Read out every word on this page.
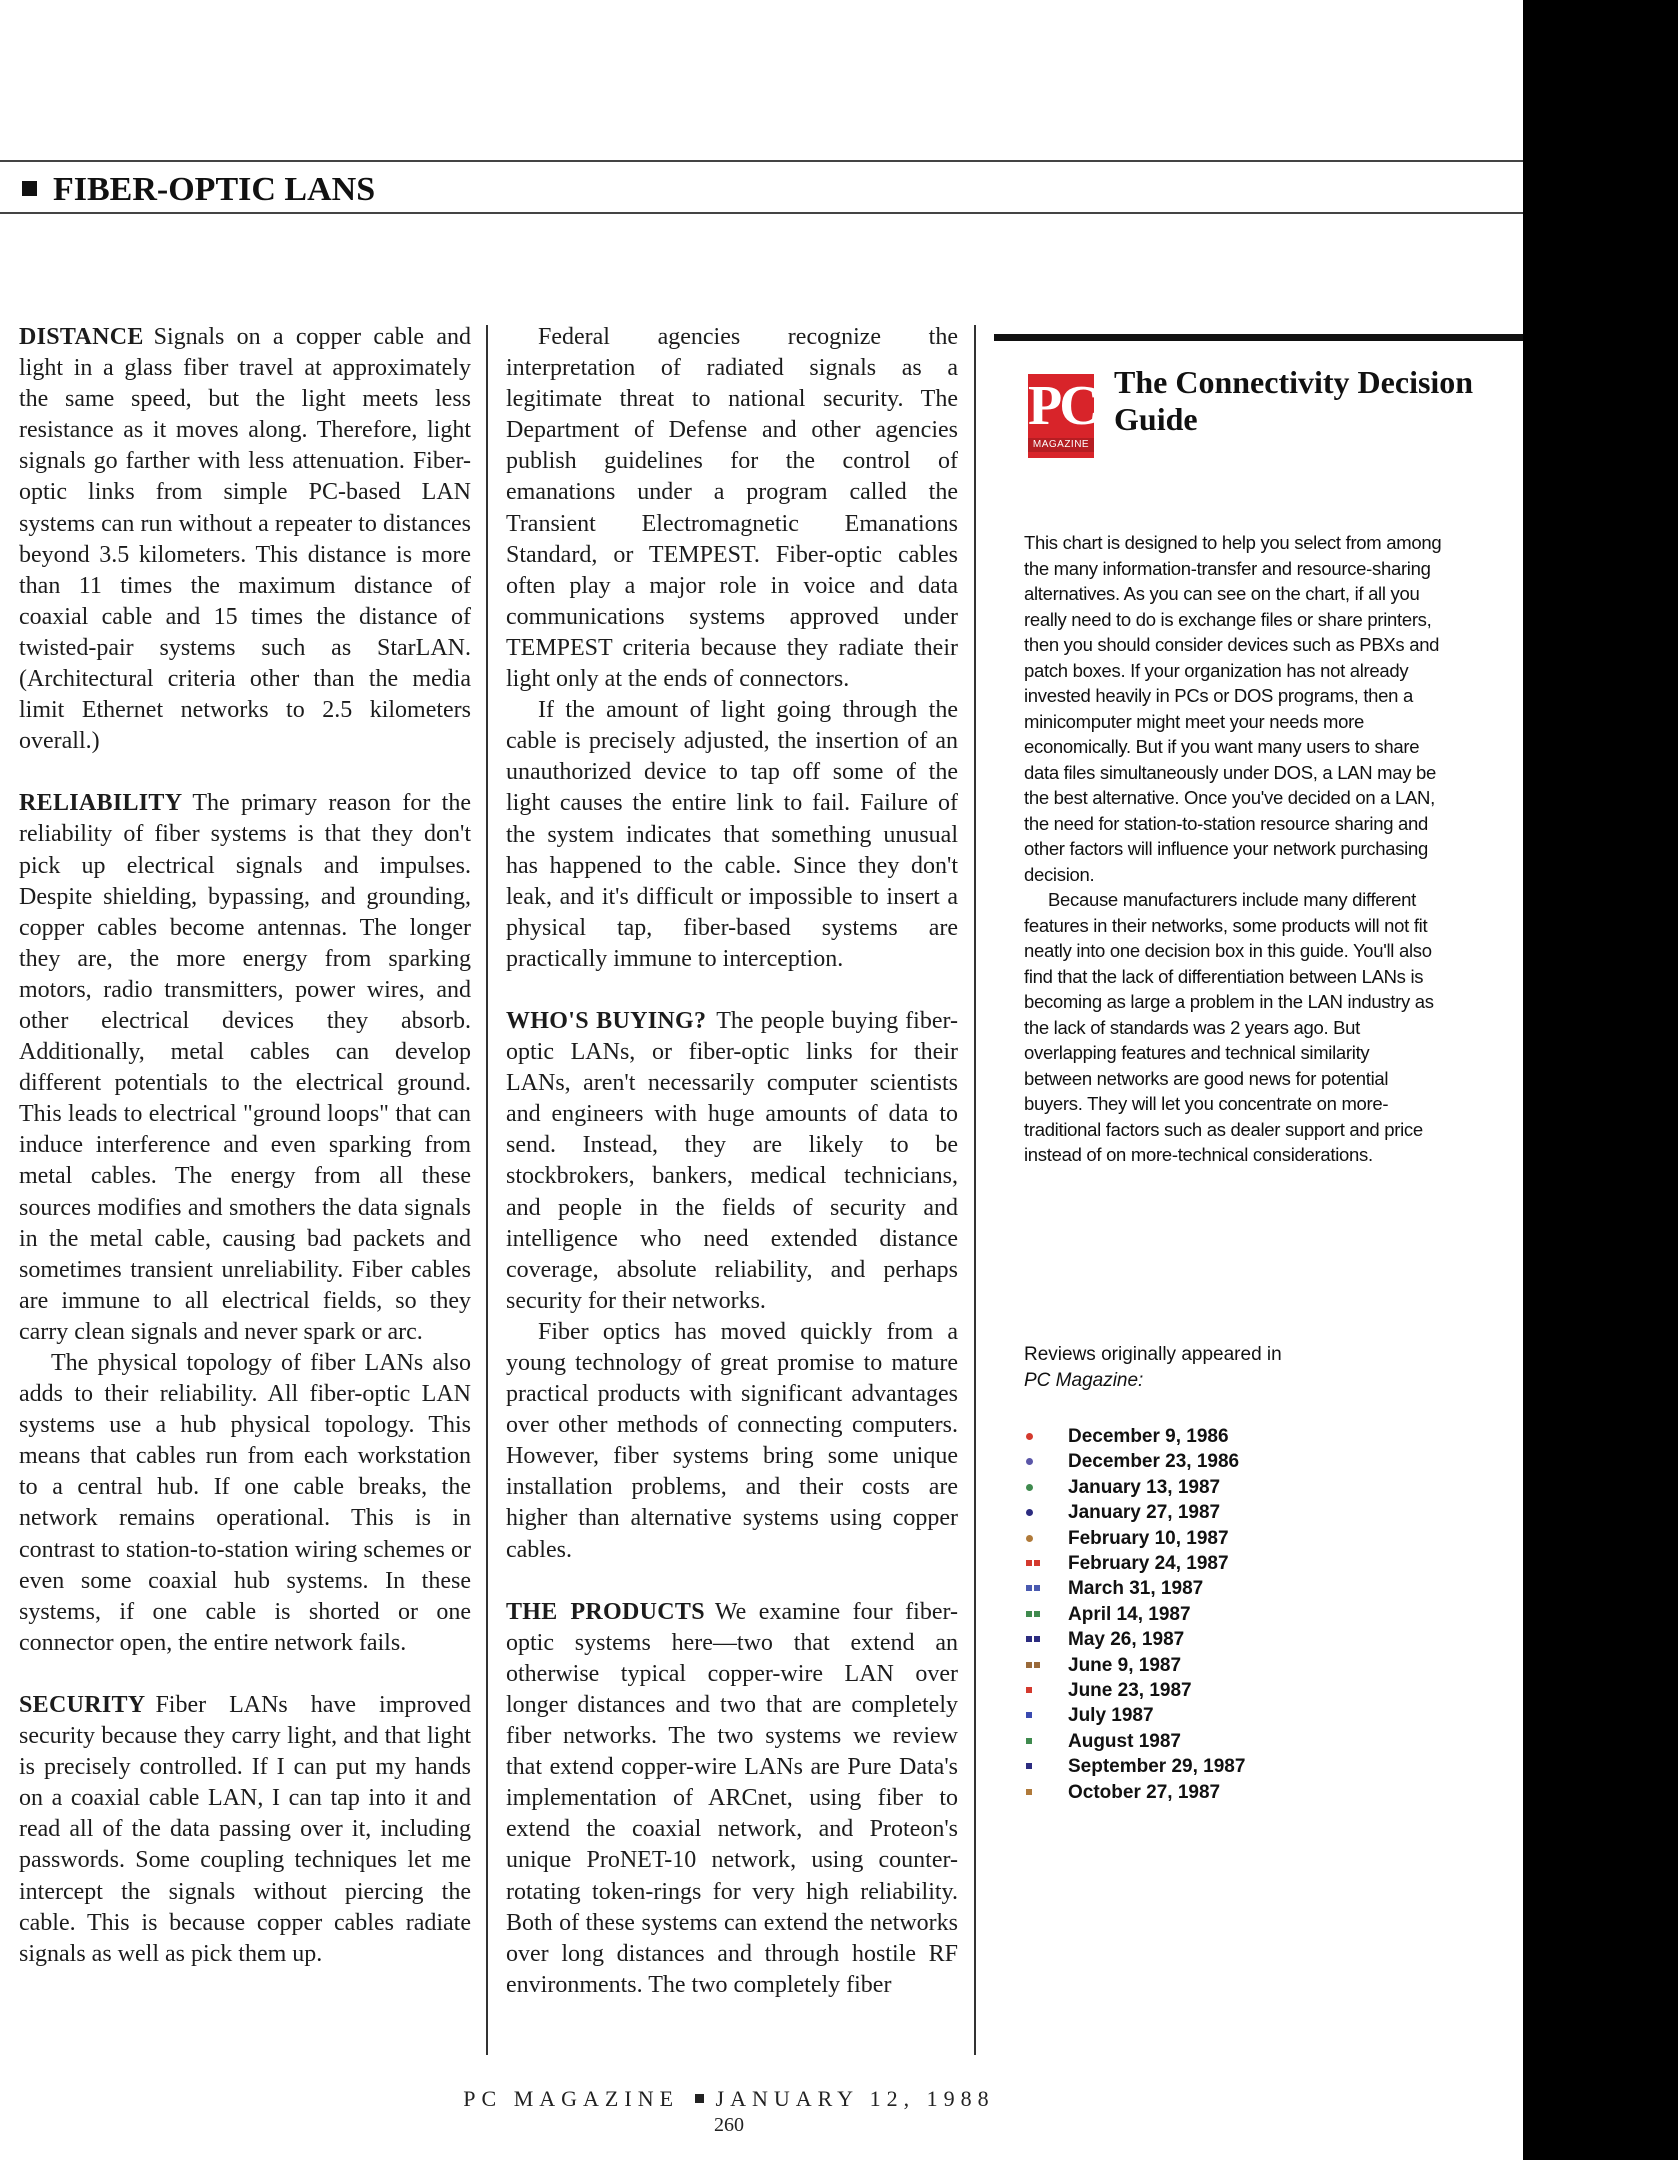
FIBER-OPTIC LANS

DISTANCE Signals on a copper cable and light in a glass fiber travel at approximately the same speed, but the light meets less resistance as it moves along. Therefore, light signals go farther with less attenuation. Fiber-optic links from simple PC-based LAN systems can run without a repeater to distances beyond 3.5 kilometers. This distance is more than 11 times the maximum distance of coaxial cable and 15 times the distance of twisted-pair systems such as StarLAN. (Architectural criteria other than the media limit Ethernet networks to 2.5 kilometers overall.)

RELIABILITY The primary reason for the reliability of fiber systems is that they don't pick up electrical signals and impulses. Despite shielding, bypassing, and grounding, copper cables become antennas. The longer they are, the more energy from sparking motors, radio transmitters, power wires, and other electrical devices they absorb. Additionally, metal cables can develop different potentials to the electrical ground. This leads to electrical "ground loops" that can induce interference and even sparking from metal cables. The energy from all these sources modifies and smothers the data signals in the metal cable, causing bad packets and sometimes transient unreliability. Fiber cables are immune to all electrical fields, so they carry clean signals and never spark or arc.

The physical topology of fiber LANs also adds to their reliability. All fiber-optic LAN systems use a hub physical topology. This means that cables run from each workstation to a central hub. If one cable breaks, the network remains operational. This is in contrast to station-to-station wiring schemes or even some coaxial hub systems. In these systems, if one cable is shorted or one connector open, the entire network fails.

SECURITY Fiber LANs have improved security because they carry light, and that light is precisely controlled. If I can put my hands on a coaxial cable LAN, I can tap into it and read all of the data passing over it, including passwords. Some coupling techniques let me intercept the signals without piercing the cable. This is because copper cables radiate signals as well as pick them up.

Federal agencies recognize the interpretation of radiated signals as a legitimate threat to national security. The Department of Defense and other agencies publish guidelines for the control of emanations under a program called the Transient Electromagnetic Emanations Standard, or TEMPEST. Fiber-optic cables often play a major role in voice and data communications systems approved under TEMPEST criteria because they radiate their light only at the ends of connectors.

If the amount of light going through the cable is precisely adjusted, the insertion of an unauthorized device to tap off some of the light causes the entire link to fail. Failure of the system indicates that something unusual has happened to the cable. Since they don't leak, and it's difficult or impossible to insert a physical tap, fiber-based systems are practically immune to interception.

WHO'S BUYING? The people buying fiber-optic LANs, or fiber-optic links for their LANs, aren't necessarily computer scientists and engineers with huge amounts of data to send. Instead, they are likely to be stockbrokers, bankers, medical technicians, and people in the fields of security and intelligence who need extended distance coverage, absolute reliability, and perhaps security for their networks.

Fiber optics has moved quickly from a young technology of great promise to mature practical products with significant advantages over other methods of connecting computers. However, fiber systems bring some unique installation problems, and their costs are higher than alternative systems using copper cables.

THE PRODUCTS We examine four fiber-optic systems here—two that extend an otherwise typical copper-wire LAN over longer distances and two that are completely fiber networks. The two systems we review that extend copper-wire LANs are Pure Data's implementation of ARCnet, using fiber to extend the coaxial network, and Proteon's unique ProNET-10 network, using counter-rotating token-rings for very high reliability. Both of these systems can extend the networks over long distances and through hostile RF environments. The two completely fiber

PC
MAGAZINE
The Connectivity Decision Guide

This chart is designed to help you select from among the many information-transfer and resource-sharing alternatives. As you can see on the chart, if all you really need to do is exchange files or share printers, then you should consider devices such as PBXs and patch boxes. If your organization has not already invested heavily in PCs or DOS programs, then a minicomputer might meet your needs more economically. But if you want many users to share data files simultaneously under DOS, a LAN may be the best alternative. Once you've decided on a LAN, the need for station-to-station resource sharing and other factors will influence your network purchasing decision.

Because manufacturers include many different features in their networks, some products will not fit neatly into one decision box in this guide. You'll also find that the lack of differentiation between LANs is becoming as large a problem in the LAN industry as the lack of standards was 2 years ago. But overlapping features and technical similarity between networks are good news for potential buyers. They will let you concentrate on more-traditional factors such as dealer support and price instead of on more-technical considerations.

Reviews originally appeared in
PC Magazine:
December 9, 1986
December 23, 1986
January 13, 1987
January 27, 1987
February 10, 1987
February 24, 1987
March 31, 1987
April 14, 1987
May 26, 1987
June 9, 1987
June 23, 1987
July 1987
August 1987
September 29, 1987
October 27, 1987
PC MAGAZINE JANUARY 12, 1988
260
